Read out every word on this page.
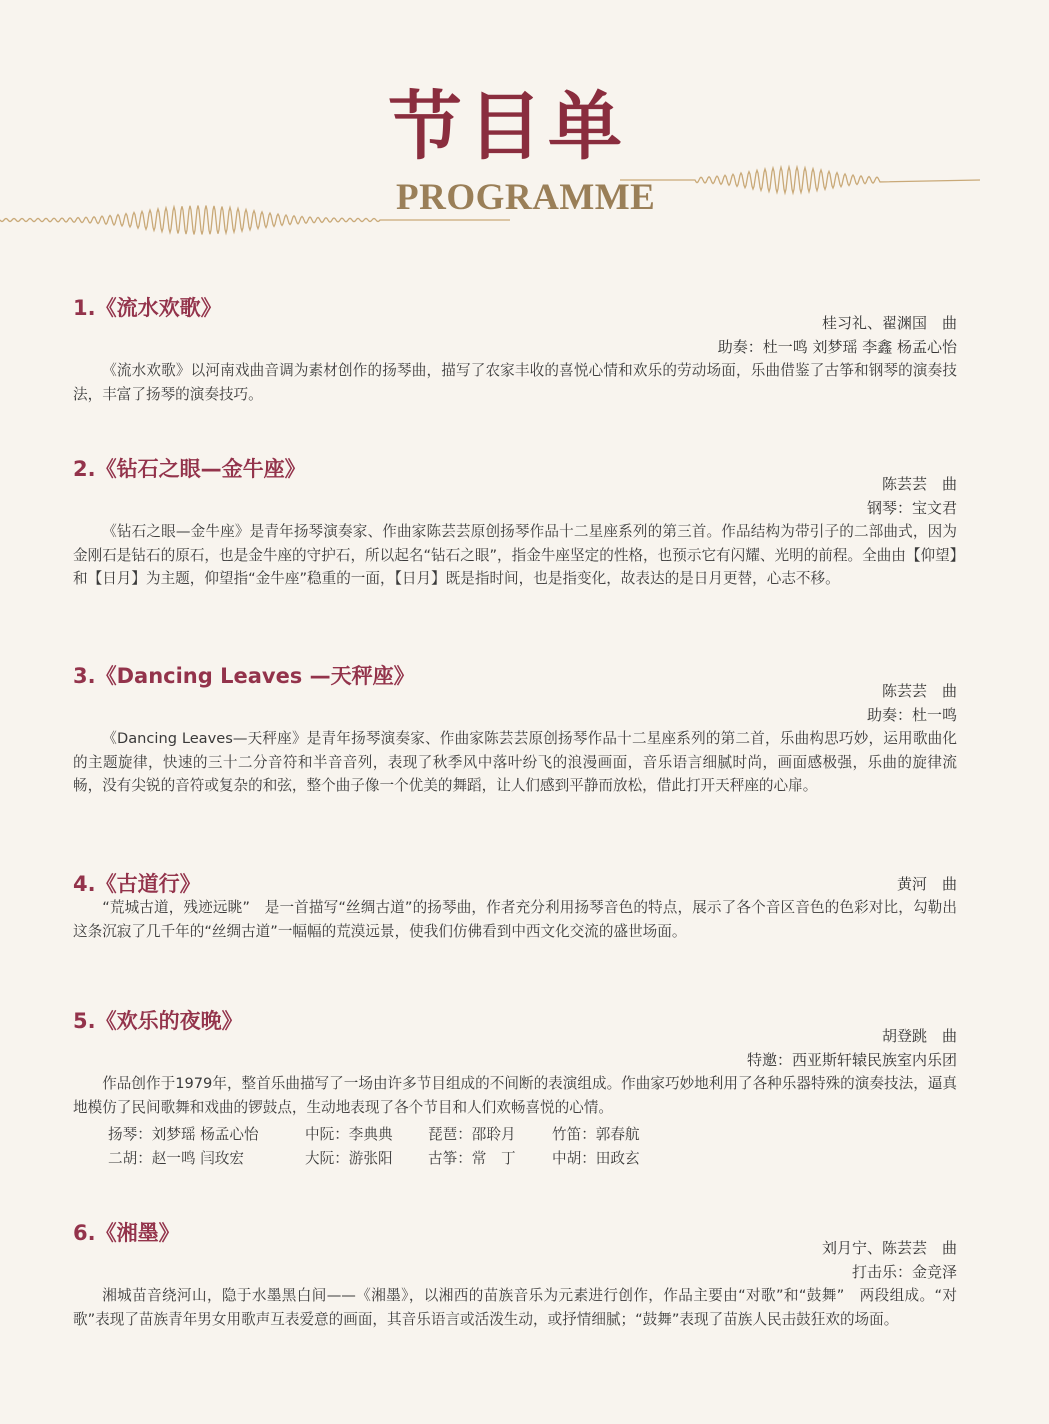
节目单
PROGRAMME
1.《流水欢歌》
桂习礼、翟渊国　曲
助奏：杜一鸣 刘梦瑶 李鑫 杨孟心怡

《流水欢歌》以河南戏曲音调为素材创作的扬琴曲，描写了农家丰收的喜悦心情和欢乐的劳动场面，乐曲借鉴了古筝和钢琴的演奏技法，丰富了扬琴的演奏技巧。

2.《钻石之眼—金牛座》
陈芸芸　曲
钢琴：宝文君

《钻石之眼—金牛座》是青年扬琴演奏家、作曲家陈芸芸原创扬琴作品十二星座系列的第三首。作品结构为带引子的二部曲式，因为金刚石是钻石的原石，也是金牛座的守护石，所以起名“钻石之眼”，指金牛座坚定的性格，也预示它有闪耀、光明的前程。全曲由【仰望】和【日月】为主题，仰望指“金牛座”稳重的一面，【日月】既是指时间，也是指变化，故表达的是日月更替，心志不移。

3.《Dancing Leaves —天秤座》
陈芸芸　曲
助奏：杜一鸣

《Dancing Leaves—天秤座》是青年扬琴演奏家、作曲家陈芸芸原创扬琴作品十二星座系列的第二首，乐曲构思巧妙，运用歌曲化的主题旋律，快速的三十二分音符和半音音列，表现了秋季风中落叶纷飞的浪漫画面，音乐语言细腻时尚，画面感极强，乐曲的旋律流畅，没有尖锐的音符或复杂的和弦，整个曲子像一个优美的舞蹈，让人们感到平静而放松，借此打开天秤座的心扉。

4.《古道行》	黄河　曲

“荒城古道，残迹远眺”　是一首描写“丝绸古道”的扬琴曲，作者充分利用扬琴音色的特点，展示了各个音区音色的色彩对比，勾勒出这条沉寂了几千年的“丝绸古道”一幅幅的荒漠远景，使我们仿佛看到中西文化交流的盛世场面。

5.《欢乐的夜晚》
胡登跳　曲
特邀：西亚斯轩辕民族室内乐团

作品创作于1979年，整首乐曲描写了一场由许多节目组成的不间断的表演组成。作曲家巧妙地利用了各种乐器特殊的演奏技法，逼真地模仿了民间歌舞和戏曲的锣鼓点，生动地表现了各个节目和人们欢畅喜悦的心情。

扬琴：刘梦瑶 杨孟心怡	中阮：李典典	琵琶：邵聆月	竹笛：郭春航
二胡：赵一鸣 闫玫宏	大阮：游张阳	古筝：常　丁	中胡：田政玄
6.《湘墨》
刘月宁、陈芸芸　曲
打击乐：金竞泽

湘城苗音绕河山，隐于水墨黑白间——《湘墨》，以湘西的苗族音乐为元素进行创作，作品主要由“对歌”和“鼓舞”　两段组成。“对歌”表现了苗族青年男女用歌声互表爱意的画面，其音乐语言或活泼生动，或抒情细腻；“鼓舞”表现了苗族人民击鼓狂欢的场面。
